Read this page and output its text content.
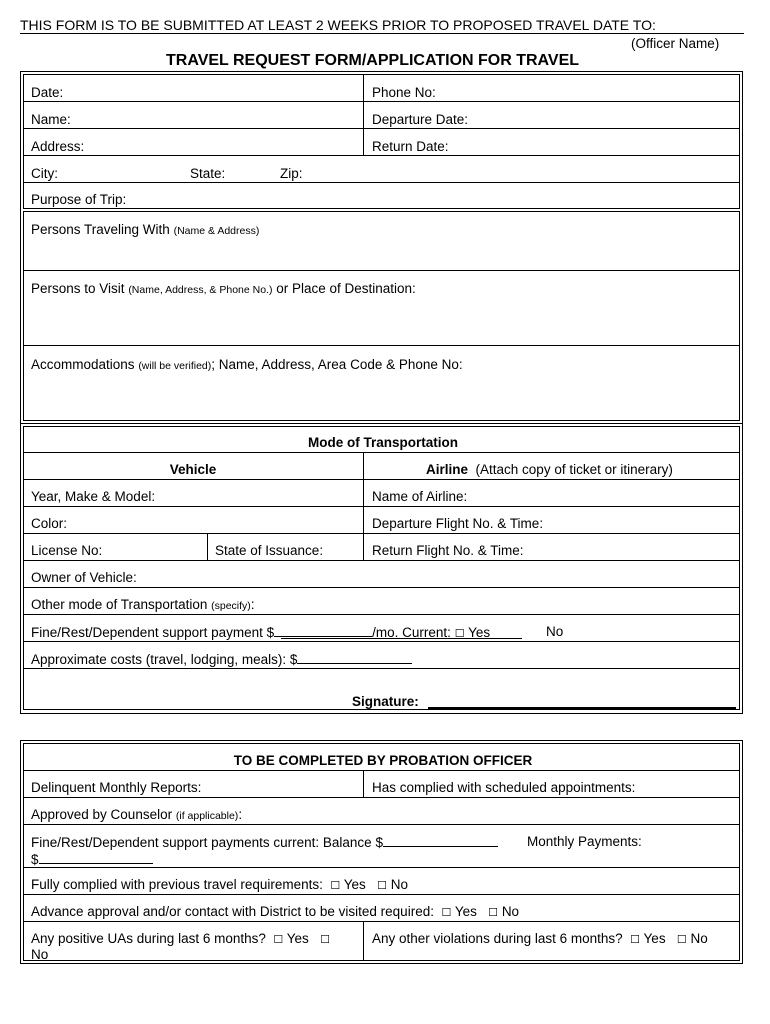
THIS FORM IS TO BE SUBMITTED AT LEAST 2 WEEKS PRIOR TO PROPOSED TRAVEL DATE TO:
(Officer Name)
TRAVEL REQUEST FORM/APPLICATION FOR TRAVEL
Date:	Phone No:
Name:	Departure Date:
Address:	Return Date:
City:	State:	Zip:
Purpose of Trip:
Persons Traveling With (Name & Address)
Persons to Visit (Name, Address, & Phone No.) or Place of Destination:
Accommodations (will be verified); Name, Address, Area Code & Phone No:
Mode of Transportation
Vehicle	Airline (Attach copy of ticket or itinerary)
Year, Make & Model:	Name of Airline:
Color:	Departure Flight No. & Time:
License No:	State of Issuance:	Return Flight No. & Time:
Owner of Vehicle:
Other mode of Transportation (specify):
Fine/Rest/Dependent support payment $	/mo. Current: ☐ Yes	No
Approximate costs (travel, lodging, meals): $
Signature:
TO BE COMPLETED BY PROBATION OFFICER
Delinquent Monthly Reports:	Has complied with scheduled appointments:
Approved by Counselor (if applicable):
Fine/Rest/Dependent support payments current: Balance $	Monthly Payments:
$
Fully complied with previous travel requirements: ☐ Yes ☐ No
Advance approval and/or contact with District to be visited required: ☐ Yes ☐ No
Any positive UAs during last 6 months? ☐ Yes ☐
No
Any other violations during last 6 months? ☐ Yes ☐ No
